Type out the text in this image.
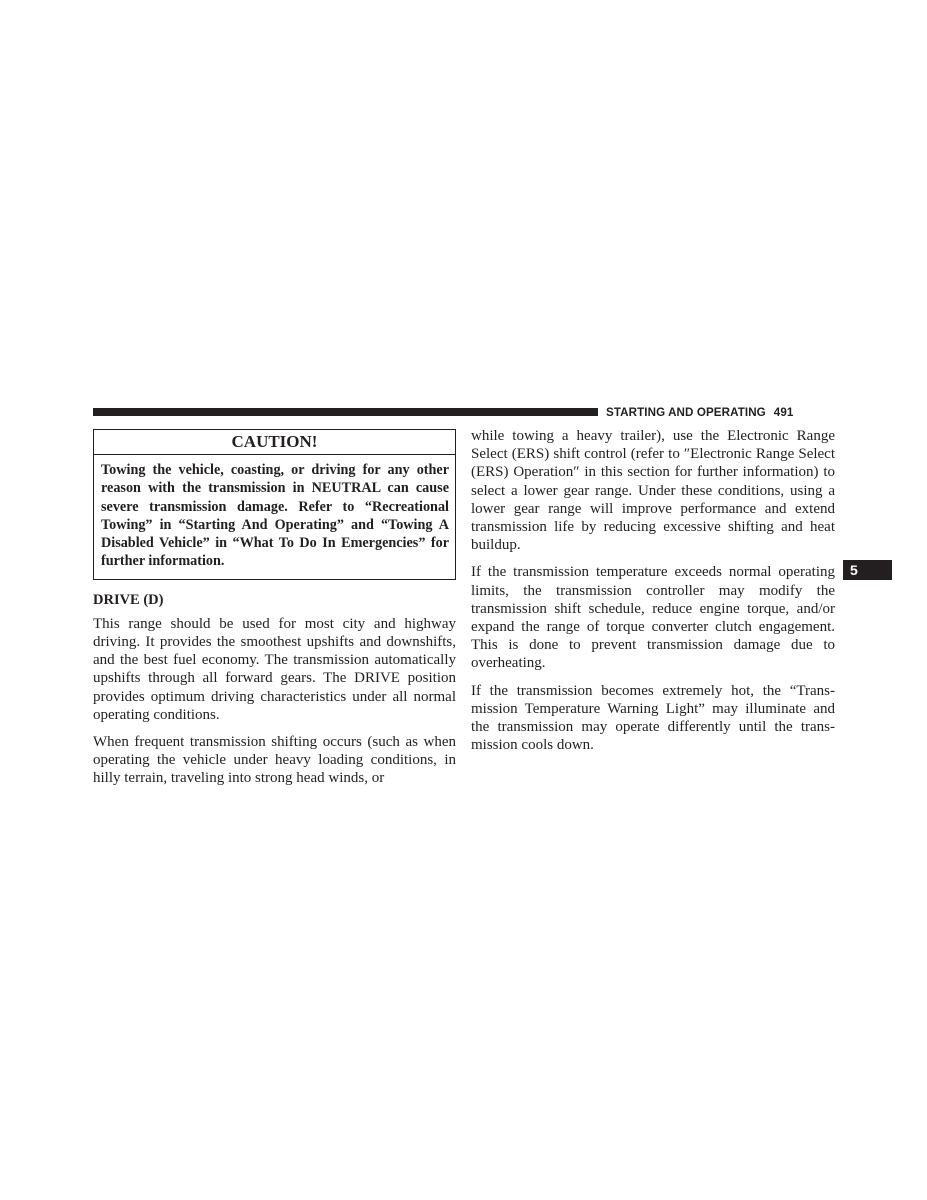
STARTING AND OPERATING 491
5
CAUTION!
Towing the vehicle, coasting, or driving for any other reason with the transmission in NEUTRAL can cause severe transmission damage. Refer to “Recreational Towing” in “Starting And Operating” and “Towing A Disabled Vehicle” in “What To Do In Emergencies” for further information.
DRIVE (D)

This range should be used for most city and highway driving. It provides the smoothest upshifts and downshifts, and the best fuel economy. The transmission automatically upshifts through all forward gears. The DRIVE position provides optimum driving characteristics under all normal operating conditions.

When frequent transmission shifting occurs (such as when operating the vehicle under heavy loading conditions, in hilly terrain, traveling into strong head winds, or

while towing a heavy trailer), use the Electronic Range Select (ERS) shift control (refer to ″Electronic Range Select (ERS) Operation″ in this section for further information) to select a lower gear range. Under these conditions, using a lower gear range will improve performance and extend transmission life by reducing excessive shifting and heat buildup.

If the transmission temperature exceeds normal operating limits, the transmission controller may modify the transmission shift schedule, reduce engine torque, and/or expand the range of torque converter clutch engagement. This is done to prevent transmission damage due to overheating.

If the transmission becomes extremely hot, the “Transmission Temperature Warning Light” may illuminate and the transmission may operate differently until the transmission cools down.
